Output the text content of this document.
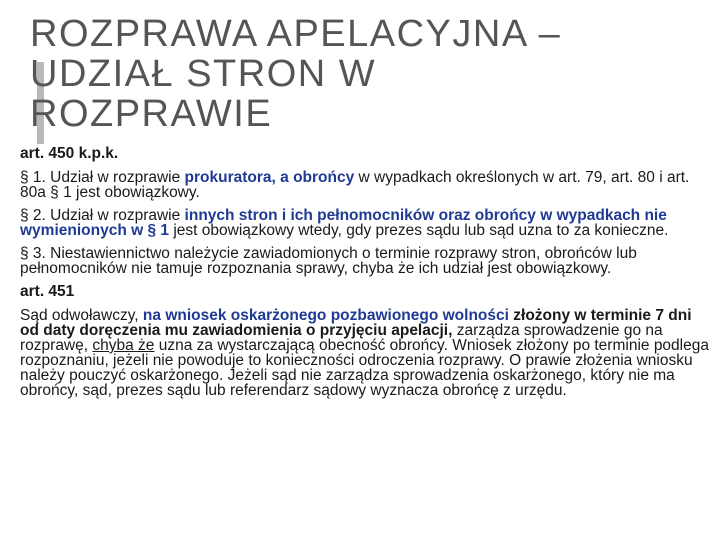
ROZPRAWA APELACYJNA –
UDZIAŁ STRON W
ROZPRAWIE

art. 450 k.p.k.

§ 1. Udział w rozprawie prokuratora, a obrońcy w wypadkach określonych w art. 79, art. 80 i art. 80a § 1 jest obowiązkowy.

§ 2. Udział w rozprawie innych stron i ich pełnomocników oraz obrońcy w wypadkach nie wymienionych w § 1 jest obowiązkowy wtedy, gdy prezes sądu lub sąd uzna to za konieczne.

§ 3. Niestawiennictwo należycie zawiadomionych o terminie rozprawy stron, obrońców lub pełnomocników nie tamuje rozpoznania sprawy, chyba że ich udział jest obowiązkowy.

art. 451

Sąd odwoławczy, na wniosek oskarżonego pozbawionego wolności złożony w terminie 7 dni od daty doręczenia mu zawiadomienia o przyjęciu apelacji, zarządza sprowadzenie go na rozprawę, chyba że uzna za wystarczającą obecność obrońcy. Wniosek złożony po terminie podlega rozpoznaniu, jeżeli nie powoduje to konieczności odroczenia rozprawy. O prawie złożenia wniosku należy pouczyć oskarżonego. Jeżeli sąd nie zarządza sprowadzenia oskarżonego, który nie ma obrońcy, sąd, prezes sądu lub referendarz sądowy wyznacza obrońcę z urzędu.
